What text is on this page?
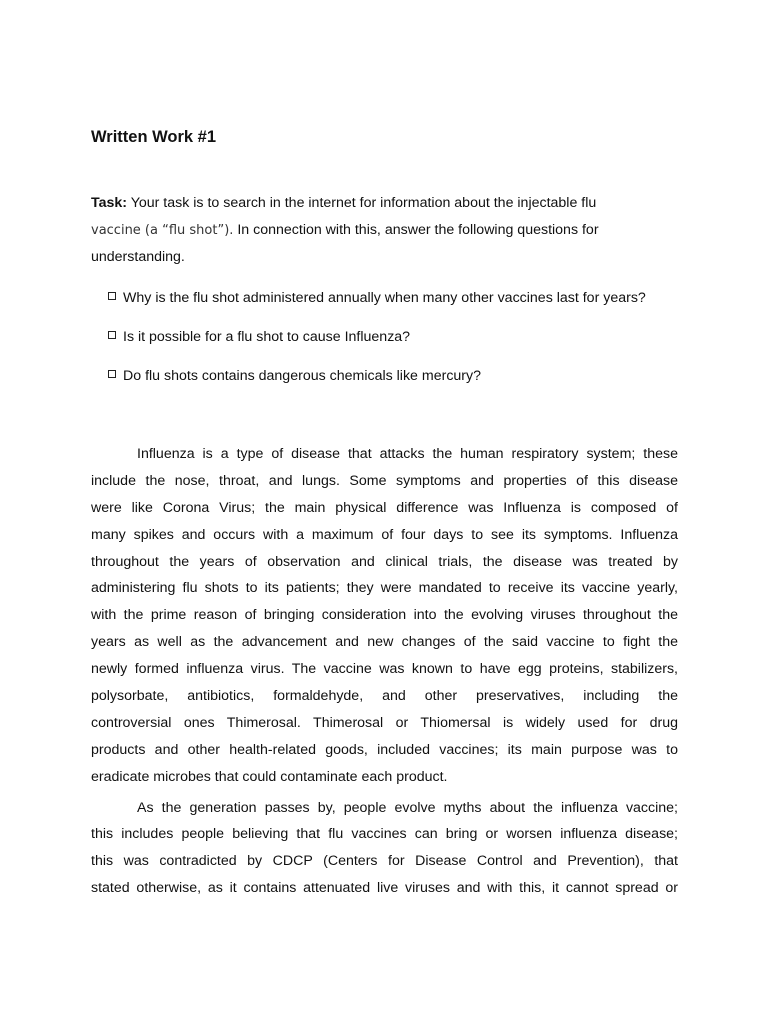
Written Work #1
Task: Your task is to search in the internet for information about the injectable flu
vaccine (a “flu shot”). In connection with this, answer the following questions for
understanding.
Why is the flu shot administered annually when many other vaccines last for years?
Is it possible for a flu shot to cause Influenza?
Do flu shots contains dangerous chemicals like mercury?
Influenza is a type of disease that attacks the human respiratory system; these
include the nose, throat, and lungs. Some symptoms and properties of this disease
were like Corona Virus; the main physical difference was Influenza is composed of
many spikes and occurs with a maximum of four days to see its symptoms. Influenza
throughout the years of observation and clinical trials, the disease was treated by
administering flu shots to its patients; they were mandated to receive its vaccine yearly,
with the prime reason of bringing consideration into the evolving viruses throughout the
years as well as the advancement and new changes of the said vaccine to fight the
newly formed influenza virus. The vaccine was known to have egg proteins, stabilizers,
polysorbate, antibiotics, formaldehyde, and other preservatives, including the
controversial ones Thimerosal. Thimerosal or Thiomersal is widely used for drug
products and other health-related goods, included vaccines; its main purpose was to
eradicate microbes that could contaminate each product.
As the generation passes by, people evolve myths about the influenza vaccine;
this includes people believing that flu vaccines can bring or worsen influenza disease;
this was contradicted by CDCP (Centers for Disease Control and Prevention), that
stated otherwise, as it contains attenuated live viruses and with this, it cannot spread or
